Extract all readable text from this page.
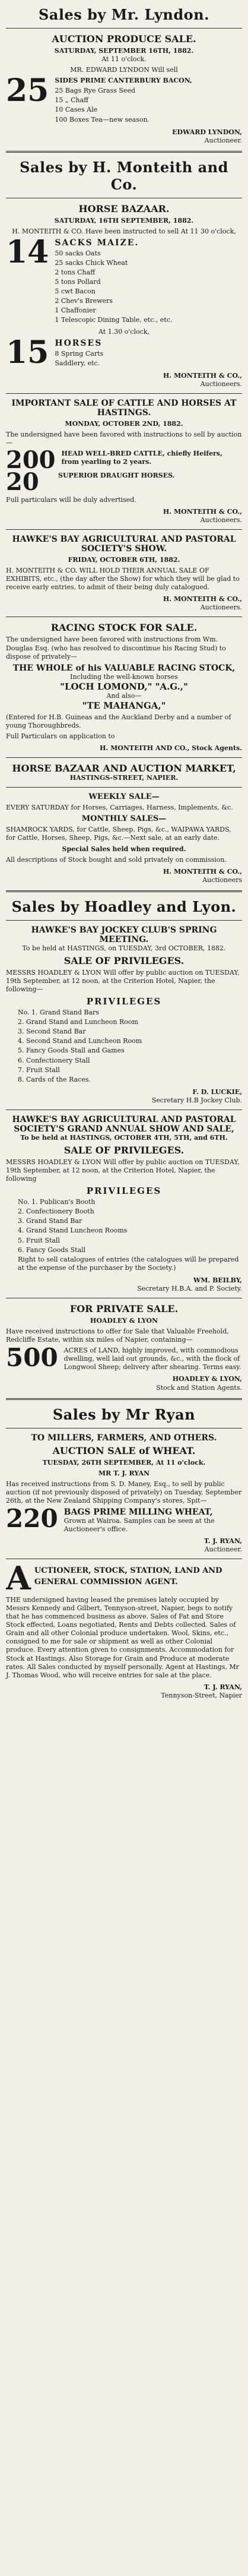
Sales by Mr. Lyndon.
AUCTION PRODUCE SALE.
SATURDAY, SEPTEMBER 16TH, 1882.
At 11 o'clock.
MR. EDWARD LYNDON Will sell
25 SIDES PRIME CANTERBURY BACON,
25 Bags Rye Grass Seed
15 „ Chaff
10 Cases Ale
100 Boxes Tea—new season.
EDWARD LYNDON,
Auctioneer.
Sales by H. Monteith and Co.
HORSE BAZAAR.
SATURDAY, 16TH SEPTEMBER, 1882.
H. MONTEITH & CO. Have been instructed to sell At 11 30 o'clock,
14 SACKS MAIZE.
50 sacks Oats
25 sacks Chick Wheat
2 tons Chaff
5 tons Pollard
5 cwt Bacon
2 Chev's Brewers
1 Chaffonier
1 Telescopic Dining Table, etc., etc.
At 1.30 o'clock,
15 HORSES
8 Spring Carts
Saddlery, etc.
H. MONTEITH & CO.,
Auctioneers.
IMPORTANT SALE OF CATTLE AND HORSES AT HASTINGS.
MONDAY, OCTOBER 2ND, 1882.
The undersigned have been favored with instructions to sell by auction—
200 HEAD WELL-BRED CATTLE, chiefly Heifers, from yearling to 2 years.
20	SUPERIOR DRAUGHT HORSES.
Full particulars will be duly advertised.
H. MONTEITH & CO.,
Auctioneers.
HAWKE'S BAY AGRICULTURAL AND PASTORAL SOCIETY'S SHOW.
FRIDAY, OCTOBER 6TH, 1882.
H. MONTEITH & CO. WILL HOLD THEIR ANNUAL SALE OF EXHIBITS, etc., (the day after the Show) for which they will be glad to receive early entries, to admit of their being duly catalogued.
H. MONTEITH & CO.,
Auctioneers.
RACING STOCK FOR SALE.
The undersigned have been favored with instructions from Wm. Douglas Esq. (who has resolved to discontinue his Racing Stud) to dispose of privately—
THE WHOLE of his VALUABLE RACING STOCK,
Including the well-known horses
"LOCH LOMOND," "A.G.,"
And also—
"TE MAHANGA,"
(Entered for H.B. Guineas and the Auckland Derby and a number of young Thoroughbreds.
Full Particulars on application to
H. MONTEITH AND CO., Stock Agents.
HORSE BAZAAR AND AUCTION MARKET,
HASTINGS-STREET, NAPIER.
WEEKLY SALE—
EVERY SATURDAY for Horses, Carriages, Harness, Implements, &c.
MONTHLY SALES—
SHAMROCK YARDS, for Cattle, Sheep, Pigs, &c., WAIPAWA YARDS, for Cattle, Horses, Sheep, Pigs, &c.—Next sale, at an early date.
Special Sales held when required.
All descriptions of Stock bought and sold privately on commission.
H. MONTEITH & CO.,
Auctioneers
Sales by Hoadley and Lyon.
HAWKE'S BAY JOCKEY CLUB'S SPRING MEETING.
To be held at HASTINGS, on TUESDAY, 3rd OCTOBER, 1882.
SALE OF PRIVILEGES.
MESSRS HOADLEY & LYON Will offer by public auction on TUESDAY, 19th September, at 12 noon, at the Criterion Hotel, Napier, the following—
PRIVILEGES
No. 1. Grand Stand Bars
2. Grand Stand and Luncheon Room
3. Second Stand Bar
4. Second Stand and Luncheon Room
5. Fancy Goods Stall and Games
6. Confectionery Stall
7. Fruit Stall
8. Cards of the Races.
F. D. LUCKIE,
Secretary H.B Jockey Club.
HAWKE'S BAY AGRICULTURAL AND PASTORAL SOCIETY'S GRAND ANNUAL SHOW AND SALE,
To be held at HASTINGS, OCTOBER 4TH, 5TH, and 6TH.
SALE OF PRIVILEGES.
MESSRS HOADLEY & LYON Will offer by public auction on TUESDAY, 19th September, at 12 noon, at the Criterion Hotel, Napier, the following
PRIVILEGES
No. 1. Publican's Booth
2. Confectionery Booth
3. Grand Stand Bar
4. Grand Stand Luncheon Rooms
5. Fruit Stall
6. Fancy Goods Stall
Right to sell catalogues of entries (the catalogues will be prepared at the expense of the purchaser by the Society.)
WM. BEILBY,
Secretary H.B.A. and P. Society.
FOR PRIVATE SALE.
HOADLEY & LYON
Have received instructions to offer for Sale that Valuable Freehold, Redcliffe Estate, within six miles of Napier, containing—
500 ACRES of LAND, highly improved, with commodious dwelling, well laid out grounds, &c., with the flock of Longwool Sheep; delivery after shearing. Terms easy.
HOADLEY & LYON,
Stock and Station Agents.
Sales by Mr Ryan
TO MILLERS, FARMERS, AND OTHERS.
AUCTION SALE of WHEAT.
TUESDAY, 26TH SEPTEMBER, At 11 o'clock.
MR T. J. RYAN
Has received instructions from S. D. Maney, Esq., to sell by public auction (if not previously disposed of privately) on Tuesday, September 26th, at the New Zealand Shipping Company's stores, Spit—
220 BAGS PRIME MILLING WHEAT,
Grown at Wairoa. Samples can be seen at the Auctioneer's office.
T. J. RYAN,
Auctioneer.
A UCTIONEER, STOCK, STATION, LAND AND GENERAL COMMISSION AGENT.
THE undersigned having leased the premises lately occupied by Messrs Kennedy and Gilbert, Tennyson-street, Napier, begs to notify that he has commenced business as above. Sales of Fat and Store Stock effected, Loans negotiated, Rents and Debts collected. Sales of Grain and all other Colonial produce undertaken. Wool, Skins, etc., consigned to me for sale or shipment as well as other Colonial produce. Every attention given to consignments. Accommodation for Stock at Hastings. Also Storage for Grain and Produce at moderate rates. All Sales conducted by myself personally. Agent at Hastings, Mr J. Thomas Wood, who will receive entries for sale at the place.
T. J. RYAN,
Tennyson-Street, Napier
